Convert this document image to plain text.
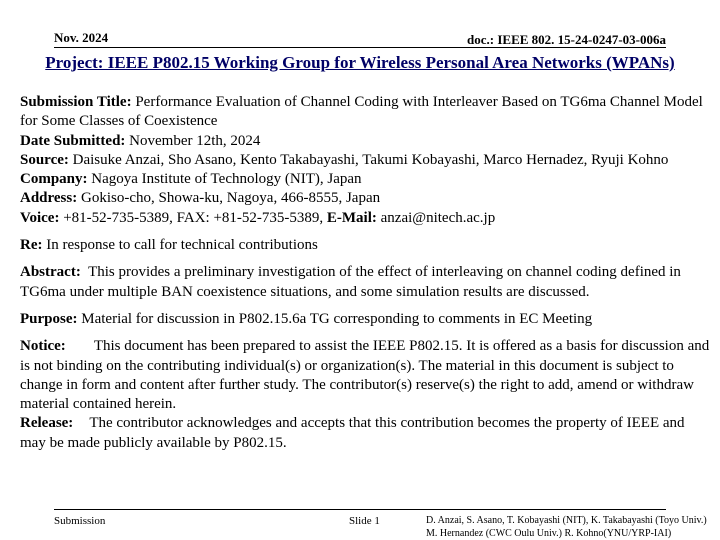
Nov. 2024	doc.: IEEE 802. 15-24-0247-03-006a
Project: IEEE P802.15 Working Group for Wireless Personal Area Networks (WPANs)

Submission Title: Performance Evaluation of Channel Coding with Interleaver Based on TG6ma Channel Model for Some Classes of Coexistence

Date Submitted: November 12th, 2024

Source: Daisuke Anzai, Sho Asano, Kento Takabayashi, Takumi Kobayashi, Marco Hernadez, Ryuji Kohno

Company: Nagoya Institute of Technology (NIT), Japan

Address: Gokiso-cho, Showa-ku, Nagoya, 466-8555, Japan

Voice: +81-52-735-5389, FAX: +81-52-735-5389, E-Mail: anzai@nitech.ac.jp

Re: In response to call for technical contributions

Abstract: This provides a preliminary investigation of the effect of interleaving on channel coding defined in TG6ma under multiple BAN coexistence situations, and some simulation results are discussed.

Purpose: Material for discussion in P802.15.6a TG corresponding to comments in EC Meeting

Notice: This document has been prepared to assist the IEEE P802.15. It is offered as a basis for discussion and is not binding on the contributing individual(s) or organization(s). The material in this document is subject to change in form and content after further study. The contributor(s) reserve(s) the right to add, amend or withdraw material contained herein.

Release: The contributor acknowledges and accepts that this contribution becomes the property of IEEE and may be made publicly available by P802.15.

Submission	Slide 1	D. Anzai, S. Asano, T. Kobayashi (NIT), K. Takabayashi (Toyo Univ.) M. Hernandez (CWC Oulu Univ.) R. Kohno(YNU/YRP-IAI)
